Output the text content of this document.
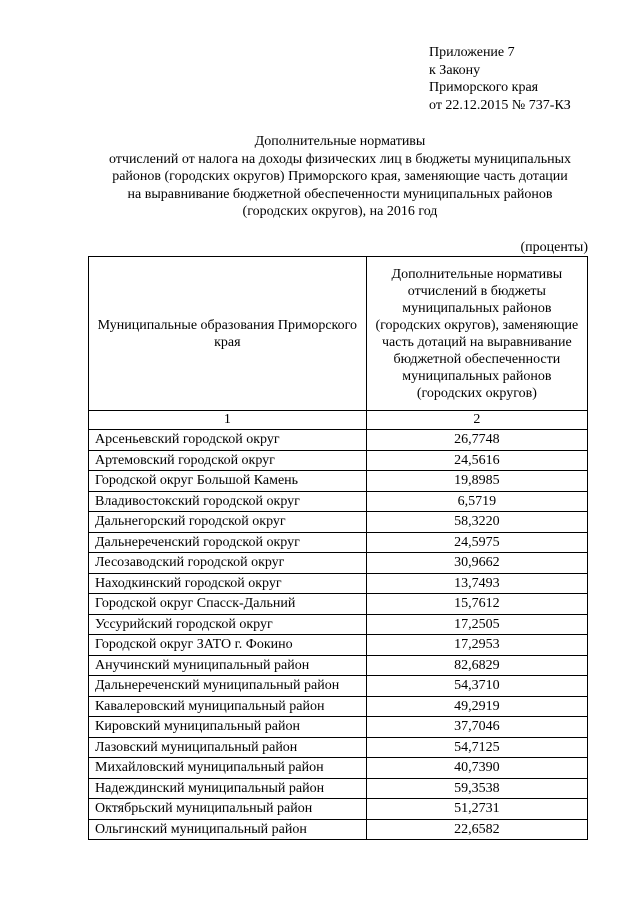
Приложение 7
к Закону
Приморского края
от 22.12.2015 № 737-КЗ
Дополнительные нормативы
отчислений от налога на доходы физических лиц в бюджеты муниципальных
районов (городских округов) Приморского края, заменяющие часть дотации
на выравнивание бюджетной обеспеченности муниципальных районов
(городских округов), на 2016 год
(проценты)
Муниципальные образования Приморского края	Дополнительные нормативы отчислений в бюджеты муниципальных районов (городских округов), заменяющие часть дотаций на выравнивание бюджетной обеспеченности муниципальных районов (городских округов)
1	2
Арсеньевский городской округ	26,7748
Артемовский городской округ	24,5616
Городской округ Большой Камень	19,8985
Владивостокский городской округ	6,5719
Дальнегорский городской округ	58,3220
Дальнереченский городской округ	24,5975
Лесозаводский городской округ	30,9662
Находкинский городской округ	13,7493
Городской округ Спасск-Дальний	15,7612
Уссурийский городской округ	17,2505
Городской округ ЗАТО г. Фокино	17,2953
Анучинский муниципальный район	82,6829
Дальнереченский муниципальный район	54,3710
Кавалеровский муниципальный район	49,2919
Кировский муниципальный район	37,7046
Лазовский муниципальный район	54,7125
Михайловский муниципальный район	40,7390
Надеждинский муниципальный район	59,3538
Октябрьский муниципальный район	51,2731
Ольгинский муниципальный район	22,6582
